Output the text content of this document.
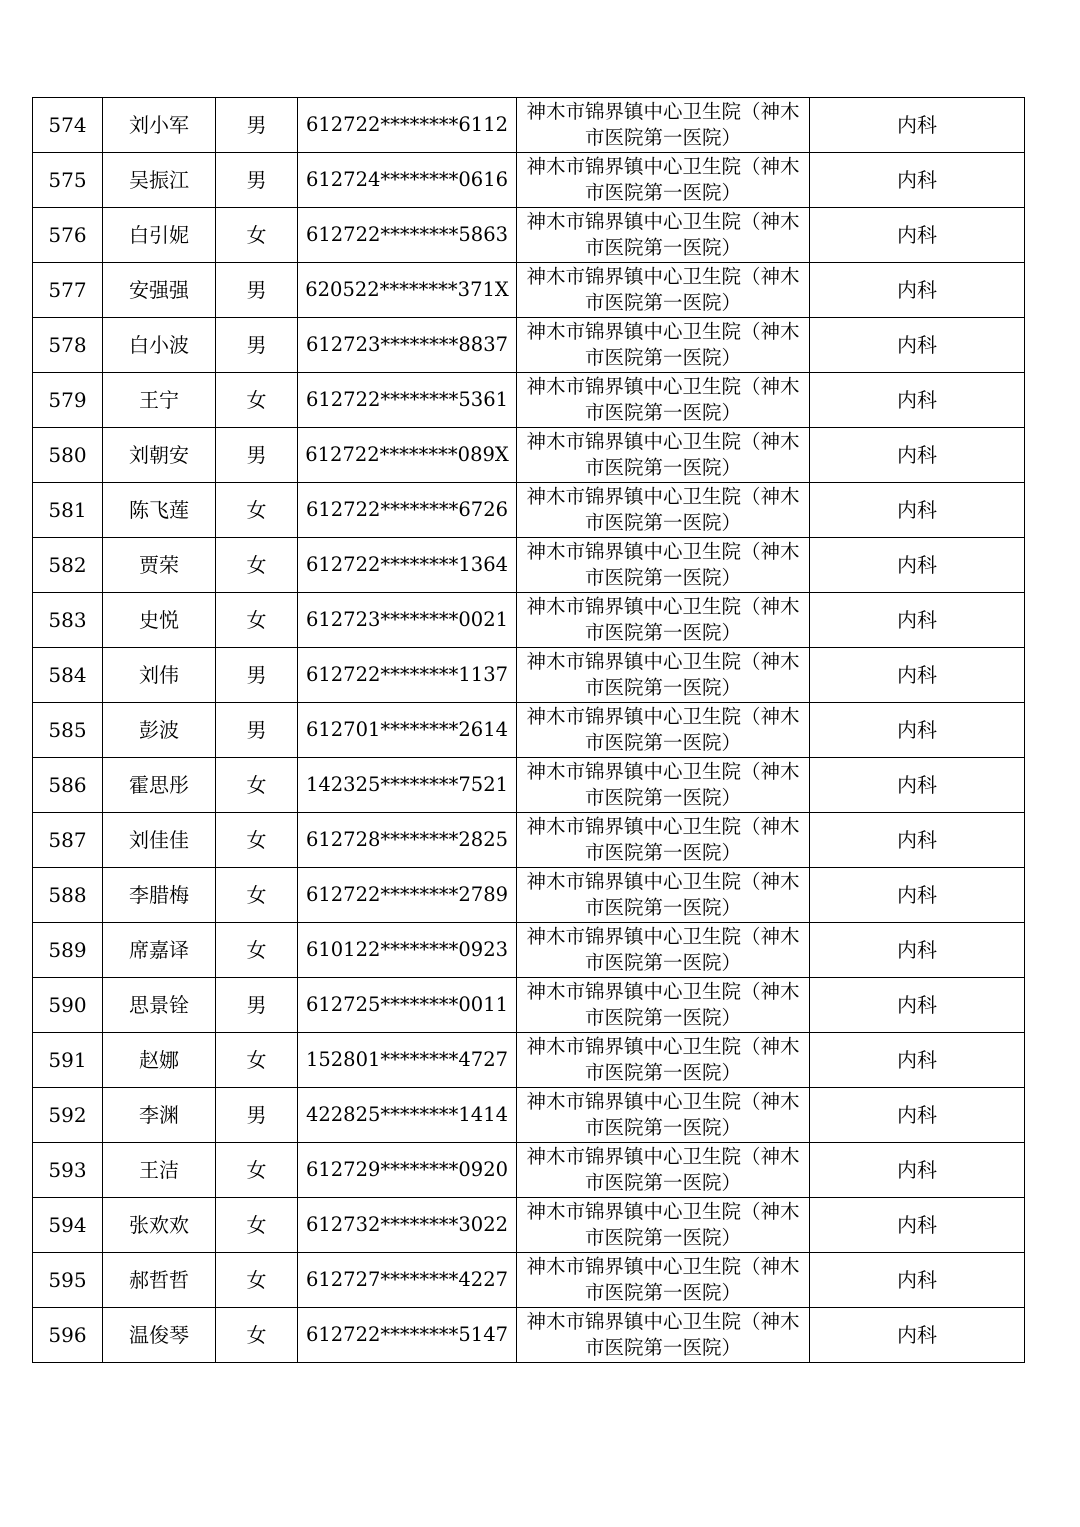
574	刘小军	男	612722********6112	神木市锦界镇中心卫生院（神木市医院第一医院）	内科
575	吴振江	男	612724********0616	神木市锦界镇中心卫生院（神木市医院第一医院）	内科
576	白引妮	女	612722********5863	神木市锦界镇中心卫生院（神木市医院第一医院）	内科
577	安强强	男	620522********371X	神木市锦界镇中心卫生院（神木市医院第一医院）	内科
578	白小波	男	612723********8837	神木市锦界镇中心卫生院（神木市医院第一医院）	内科
579	王宁	女	612722********5361	神木市锦界镇中心卫生院（神木市医院第一医院）	内科
580	刘朝安	男	612722********089X	神木市锦界镇中心卫生院（神木市医院第一医院）	内科
581	陈飞莲	女	612722********6726	神木市锦界镇中心卫生院（神木市医院第一医院）	内科
582	贾荣	女	612722********1364	神木市锦界镇中心卫生院（神木市医院第一医院）	内科
583	史悦	女	612723********0021	神木市锦界镇中心卫生院（神木市医院第一医院）	内科
584	刘伟	男	612722********1137	神木市锦界镇中心卫生院（神木市医院第一医院）	内科
585	彭波	男	612701********2614	神木市锦界镇中心卫生院（神木市医院第一医院）	内科
586	霍思彤	女	142325********7521	神木市锦界镇中心卫生院（神木市医院第一医院）	内科
587	刘佳佳	女	612728********2825	神木市锦界镇中心卫生院（神木市医院第一医院）	内科
588	李腊梅	女	612722********2789	神木市锦界镇中心卫生院（神木市医院第一医院）	内科
589	席嘉译	女	610122********0923	神木市锦界镇中心卫生院（神木市医院第一医院）	内科
590	思景铨	男	612725********0011	神木市锦界镇中心卫生院（神木市医院第一医院）	内科
591	赵娜	女	152801********4727	神木市锦界镇中心卫生院（神木市医院第一医院）	内科
592	李渊	男	422825********1414	神木市锦界镇中心卫生院（神木市医院第一医院）	内科
593	王洁	女	612729********0920	神木市锦界镇中心卫生院（神木市医院第一医院）	内科
594	张欢欢	女	612732********3022	神木市锦界镇中心卫生院（神木市医院第一医院）	内科
595	郝哲哲	女	612727********4227	神木市锦界镇中心卫生院（神木市医院第一医院）	内科
596	温俊琴	女	612722********5147	神木市锦界镇中心卫生院（神木市医院第一医院）	内科
